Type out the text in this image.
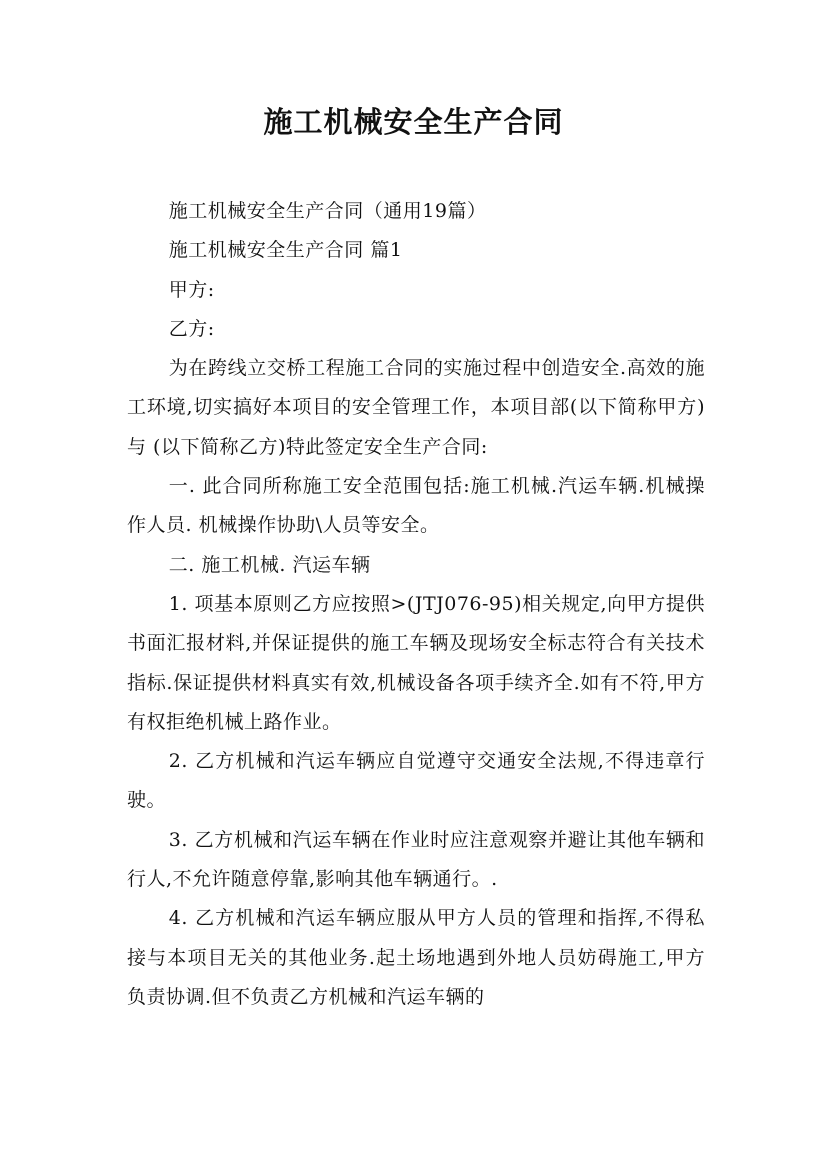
施工机械安全生产合同

施工机械安全生产合同（通用19篇）

施工机械安全生产合同 篇1

甲方:

乙方:

为在跨线立交桥工程施工合同的实施过程中创造安全.高效的施工环境,切实搞好本项目的安全管理工作，本项目部(以下简称甲方)与 (以下简称乙方)特此签定安全生产合同:

一. 此合同所称施工安全范围包括:施工机械.汽运车辆.机械操作人员. 机械操作协助\人员等安全。

二. 施工机械. 汽运车辆

1. 项基本原则乙方应按照>(JTJ076-95)相关规定,向甲方提供书面汇报材料,并保证提供的施工车辆及现场安全标志符合有关技术指标.保证提供材料真实有效,机械设备各项手续齐全.如有不符,甲方有权拒绝机械上路作业。

2. 乙方机械和汽运车辆应自觉遵守交通安全法规,不得违章行驶。

3. 乙方机械和汽运车辆在作业时应注意观察并避让其他车辆和行人,不允许随意停靠,影响其他车辆通行。.

4. 乙方机械和汽运车辆应服从甲方人员的管理和指挥,不得私接与本项目无关的其他业务.起土场地遇到外地人员妨碍施工,甲方负责协调.但不负责乙方机械和汽运车辆的
